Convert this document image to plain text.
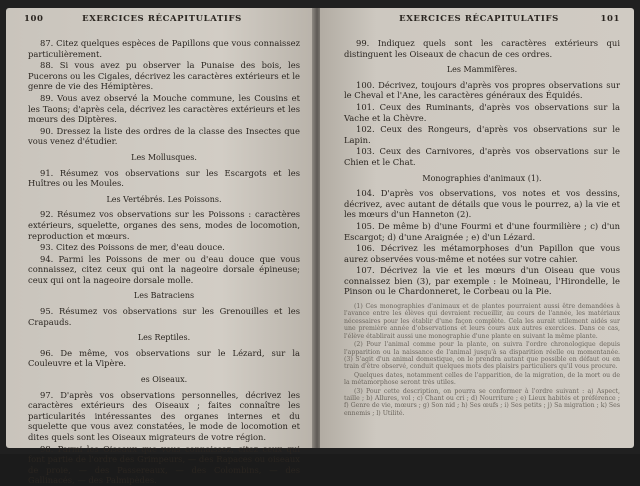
100	EXERCICES RÉCAPITULATIFS

87. Citez quelques espèces de Papillons que vous connaissez particulièrement.

88. Si vous avez pu observer la Punaise des bois, les Pucerons ou les Cigales, décrivez les caractères extérieurs et le genre de vie des Hémiptères.

89. Vous avez observé la Mouche commune, les Cousins et les Taons; d'après cela, décrivez les caractères extérieurs et les mœurs des Diptères.

90. Dressez la liste des ordres de la classe des Insectes que vous venez d'étudier.

Les Mollusques.

91. Résumez vos observations sur les Escargots et les Huîtres ou les Moules.

Les Vertébrés. Les Poissons.

92. Résumez vos observations sur les Poissons : caractères extérieurs, squelette, organes des sens, modes de locomotion, reproduction et mœurs.

93. Citez des Poissons de mer, d'eau douce.

94. Parmi les Poissons de mer ou d'eau douce que vous connaissez, citez ceux qui ont la nageoire dorsale épineuse; ceux qui ont la nageoire dorsale molle.

Les Batraciens

95. Résumez vos observations sur les Grenouilles et les Crapauds.

Les Reptiles.

96. De même, vos observations sur le Lézard, sur la Couleuvre et la Vipère.

es Oiseaux.

97. D'après vos observations personnelles, décrivez les caractères extérieurs des Oiseaux ; faites connaître les particularités intéressantes des organes internes et du squelette que vous avez constatées, le mode de locomotion et dites quels sont les Oiseaux migrateurs de votre région.

98. Parmi les Oiseaux que vous connaissez, citez ceux qui font partie de l'ordre des Grimpeurs, — des Rapaces ou oiseaux de proie, — des Passereaux, — des Colombins, — des Gallinacés, — des Palmipèdes.

EXERCICES RÉCAPITULATIFS	101

99. Indiquez quels sont les caractères extérieurs qui distinguent les Oiseaux de chacun de ces ordres.

Les Mammifères.

100. Décrivez, toujours d'après vos propres observations sur le Cheval et l'Ane, les caractères généraux des Équidés.

101. Ceux des Ruminants, d'après vos observations sur la Vache et la Chèvre.

102. Ceux des Rongeurs, d'après vos observations sur le Lapin.

103. Ceux des Carnivores, d'après vos observations sur le Chien et le Chat.

Monographies d'animaux (1).

104. D'après vos observations, vos notes et vos dessins, décrivez, avec autant de détails que vous le pourrez, a) la vie et les mœurs d'un Hanneton (2).

105. De même b) d'une Fourmi et d'une fourmilière ; c) d'un Escargot; d) d'une Araignée ; e) d'un Lézard.

106. Décrivez les métamorphoses d'un Papillon que vous aurez observées vous-même et notées sur votre cahier.

107. Décrivez la vie et les mœurs d'un Oiseau que vous connaissez bien (3), par exemple : le Moineau, l'Hirondelle, le Pinson ou le Chardonneret, le Corbeau ou la Pie.

(1) Ces monographies d'animaux et de plantes pourraient aussi être demandées à l'avance entre les élèves qui devraient recueillir, au cours de l'année, les matériaux nécessaires pour les établir d'une façon complète. Cela les aurait utilement aidés sur une première année d'observations et leurs cours aux autres exercices. Dans ce cas, l'élève établirait aussi une monographie d'une plante en suivant la même plante.

(2) Pour l'animal comme pour la plante, on suivra l'ordre chronologique depuis l'apparition ou la naissance de l'animal jusqu'à sa disparition réelle ou momentanée. (3) S'agit d'un animal domestique, on le prendra autant que possible en défaut ou en train d'être observé, conduit quelques mots des plaisirs particuliers qu'il vous procure.

Quelques dates, notamment celles de l'apparition, de la migration, de la mort ou de la métamorphose seront très utiles.

(3) Pour cette description, on pourra se conformer à l'ordre suivant : a) Aspect, taille ; b) Allures, vol ; c) Chant ou cri ; d) Nourriture ; e) Lieux habités et préférence ; f) Genre de vie, mœurs ; g) Son nid ; h) Ses œufs ; i) Ses petits ; j) Sa migration ; k) Ses ennemis ; l) Utilité.
